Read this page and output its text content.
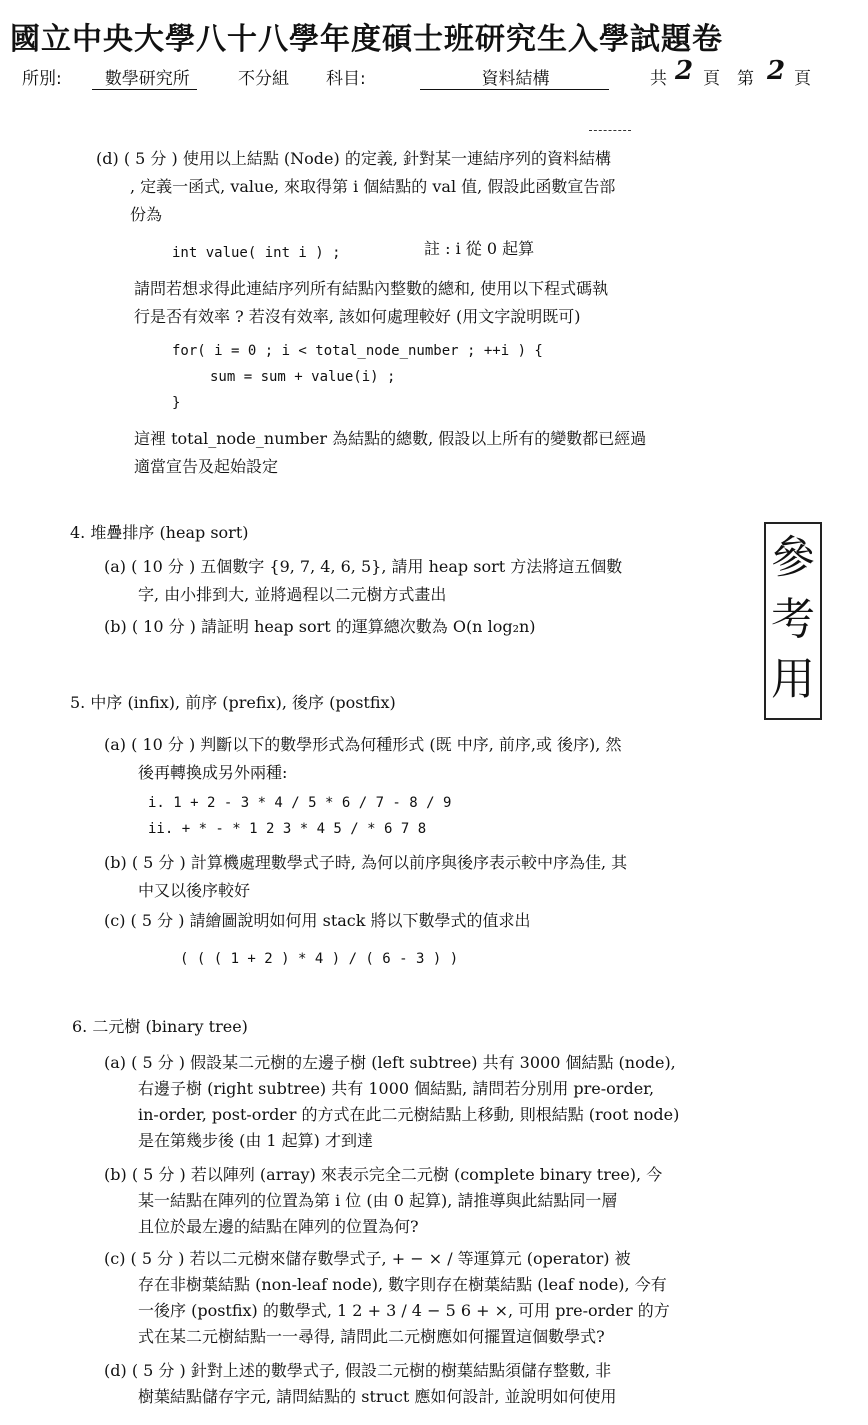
國立中央大學八十八學年度碩士班研究生入學試題卷
所別:	數學研究所	不分組 科目:	資料結構	共 2 頁 第 2 頁
(d) ( 5 分 ) 使用以上結點 (Node) 的定義, 針對某一連結序列的資料結構
, 定義一函式, value, 來取得第 i 個結點的 val 值, 假設此函數宣告部
份為
int value( int i ) ;	註 : i 從 0 起算
請問若想求得此連結序列所有結點內整數的總和, 使用以下程式碼執
行是否有效率 ? 若沒有效率, 該如何處理較好 (用文字說明既可)
for( i = 0 ; i < total_node_number ; ++i ) {
sum = sum + value(i) ;
}
這裡 total_node_number 為結點的總數, 假設以上所有的變數都已經過
適當宣告及起始設定
4. 堆疊排序 (heap sort)
(a) ( 10 分 ) 五個數字 {9, 7, 4, 6, 5}, 請用 heap sort 方法將這五個數
字, 由小排到大, 並將過程以二元樹方式畫出
(b) ( 10 分 ) 請証明 heap sort 的運算總次數為 O(n log₂n)
5. 中序 (infix), 前序 (prefix), 後序 (postfix)
(a) ( 10 分 ) 判斷以下的數學形式為何種形式 (既 中序, 前序,或 後序), 然
後再轉換成另外兩種:
i. 1 + 2 - 3 * 4 / 5 * 6 / 7 - 8 / 9
ii. + * - * 1 2 3 * 4 5 / * 6 7 8
(b) ( 5 分 ) 計算機處理數學式子時, 為何以前序與後序表示較中序為佳, 其
中又以後序較好
(c) ( 5 分 ) 請繪圖說明如何用 stack 將以下數學式的值求出
( ( ( 1 + 2 ) * 4 ) / ( 6 - 3 ) )
6. 二元樹 (binary tree)
(a) ( 5 分 ) 假設某二元樹的左邊子樹 (left subtree) 共有 3000 個結點 (node),
右邊子樹 (right subtree) 共有 1000 個結點, 請問若分別用 pre-order,
in-order, post-order 的方式在此二元樹結點上移動, 則根結點 (root node)
是在第幾步後 (由 1 起算) 才到達
(b) ( 5 分 ) 若以陣列 (array) 來表示完全二元樹 (complete binary tree), 今
某一結點在陣列的位置為第 i 位 (由 0 起算), 請推導與此結點同一層
且位於最左邊的結點在陣列的位置為何?
(c) ( 5 分 ) 若以二元樹來儲存數學式子, + − × / 等運算元 (operator) 被
存在非樹葉結點 (non-leaf node), 數字則存在樹葉結點 (leaf node), 今有
一後序 (postfix) 的數學式, 1 2 + 3 / 4 − 5 6 + ×, 可用 pre-order 的方
式在某二元樹結點一一尋得, 請問此二元樹應如何擺置這個數學式?
(d) ( 5 分 ) 針對上述的數學式子, 假設二元樹的樹葉結點須儲存整數, 非
樹葉結點儲存字元, 請問結點的 struct 應如何設計, 並說明如何使用
參
考
用
